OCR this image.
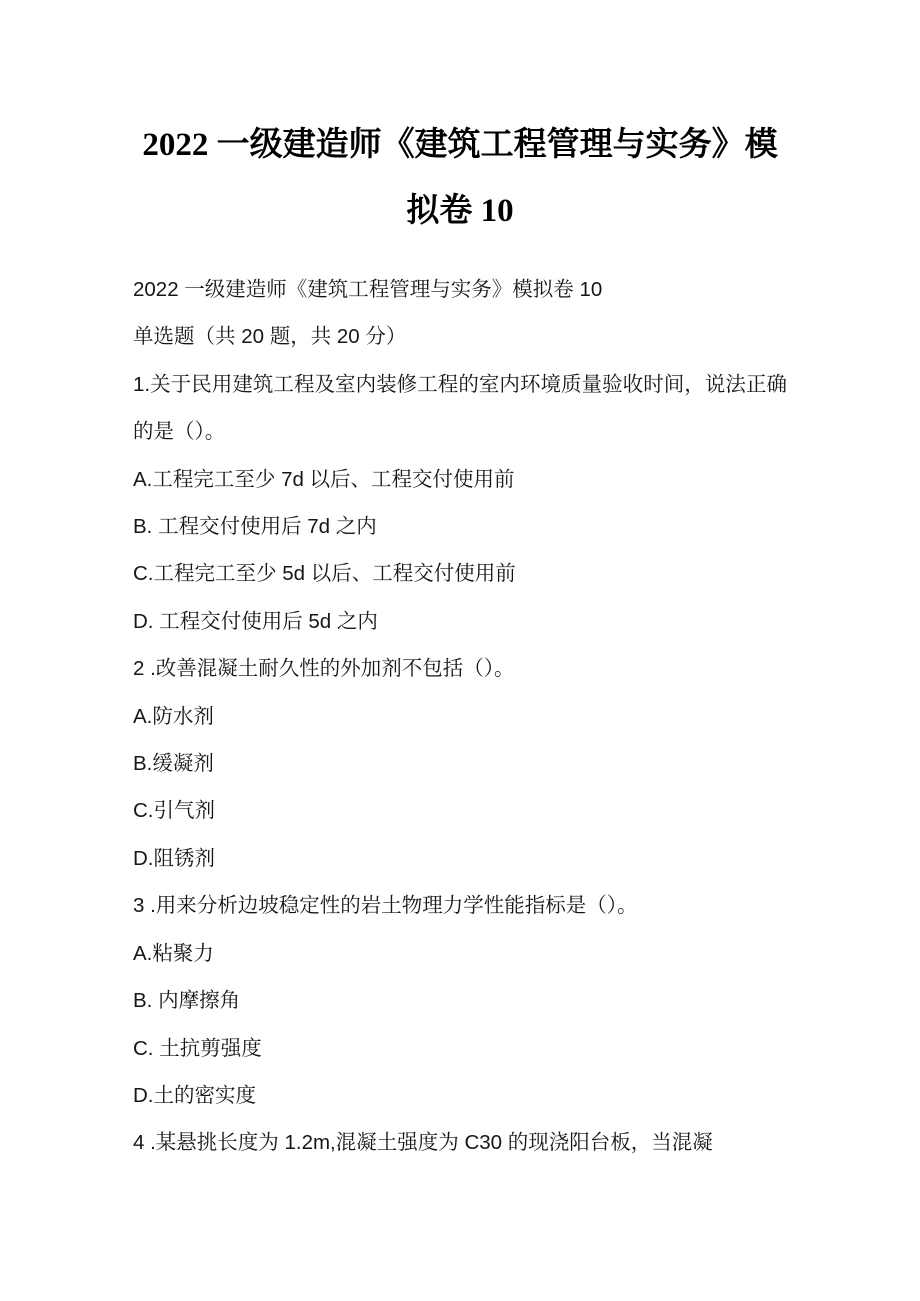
2022 一级建造师《建筑工程管理与实务》模
拟卷 10

2022 一级建造师《建筑工程管理与实务》模拟卷 10

单选题（共 20 题，共 20 分）

1.关于民用建筑工程及室内装修工程的室内环境质量验收时间，说法正确的是（）。

A.工程完工至少 7d 以后、工程交付使用前

B. 工程交付使用后 7d 之内

C.工程完工至少 5d 以后、工程交付使用前

D. 工程交付使用后 5d 之内

2 .改善混凝土耐久性的外加剂不包括（）。

A.防水剂

B.缓凝剂

C.引气剂

D.阻锈剂

3 .用来分析边坡稳定性的岩土物理力学性能指标是（）。

A.粘聚力

B. 内摩擦角

C. 土抗剪强度

D.土的密实度

4 .某悬挑长度为 1.2m,混凝土强度为 C30 的现浇阳台板，当混凝
